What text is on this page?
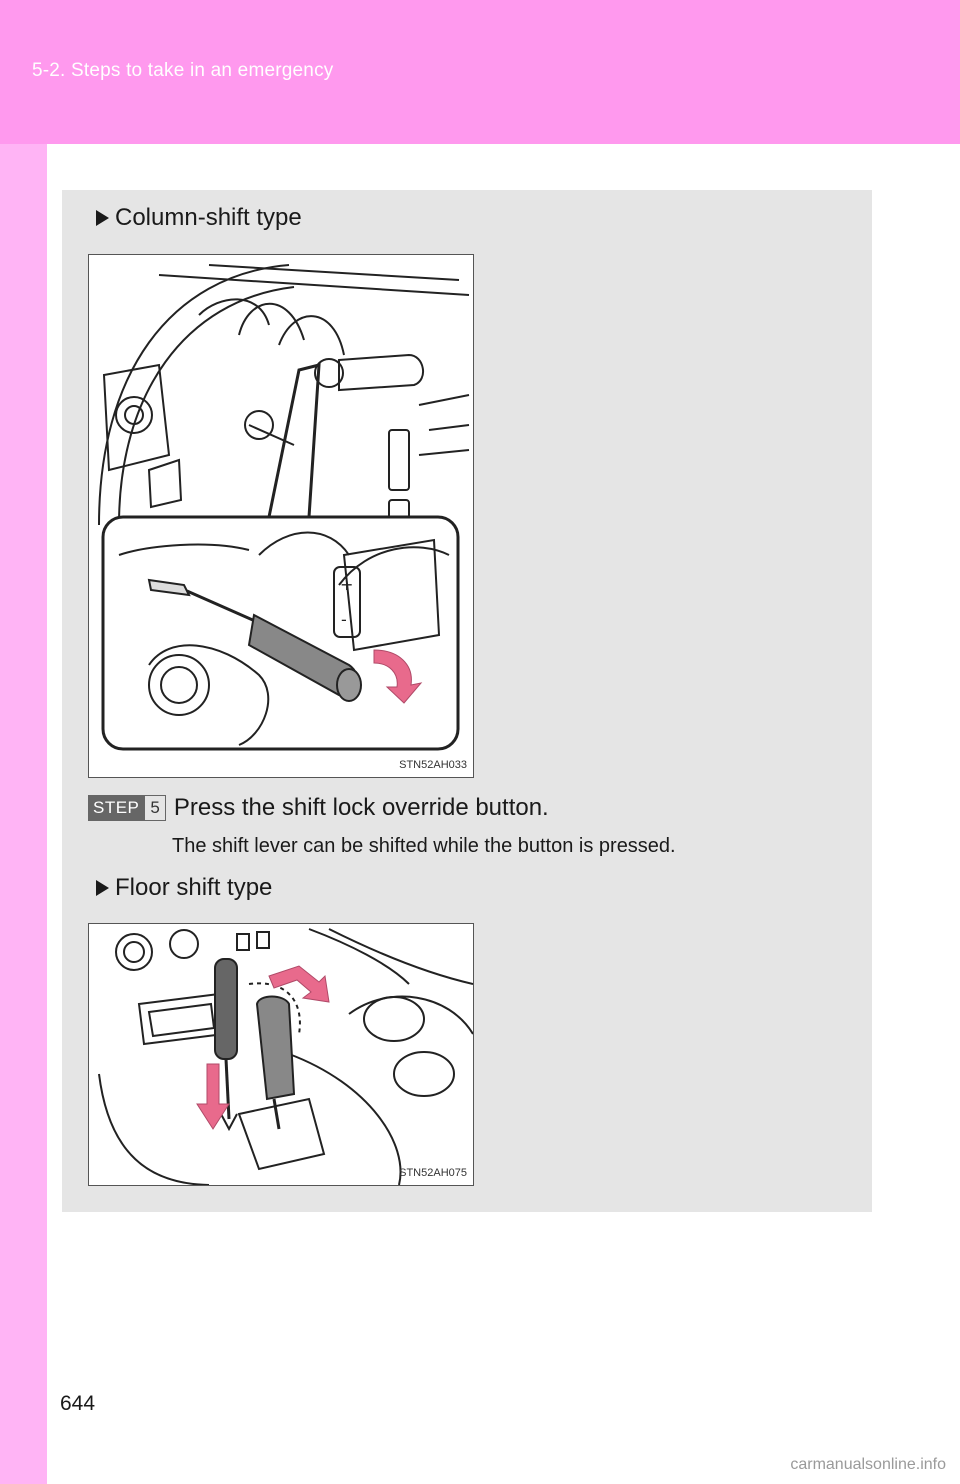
5-2. Steps to take in an emergency
Column-shift type
+
-
STN52AH033
STEP 5 Press the shift lock override button.
The shift lever can be shifted while the button is pressed.
Floor shift type
STN52AH075
644
carmanualsonline.info
